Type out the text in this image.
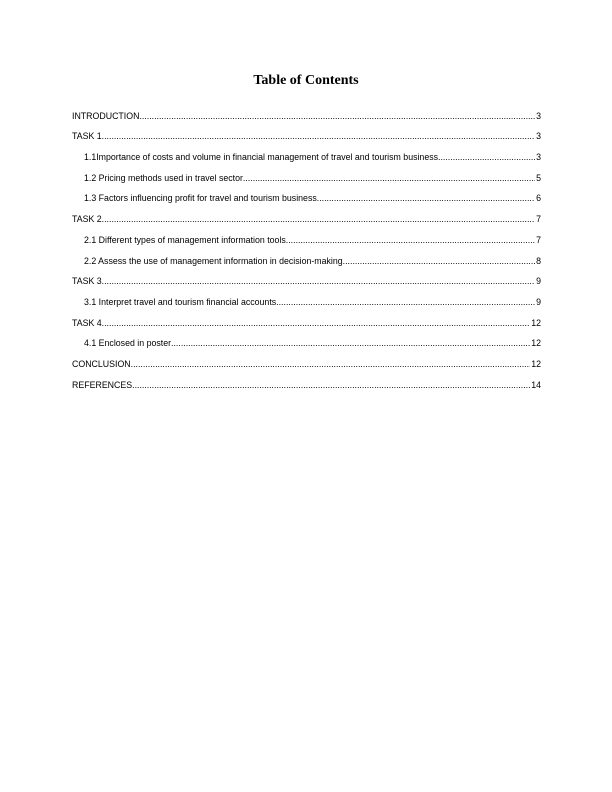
Table of Contents
INTRODUCTION .....	3
TASK 1 .....	3
1.1Importance of costs and volume in financial management of travel and tourism business .....	3
1.2 Pricing methods used in travel sector .....	5
1.3 Factors influencing profit for travel and tourism business .....	6
TASK 2 .....	7
2.1 Different types of management information tools .....	7
2.2 Assess the use of management information in decision-making .....	8
TASK 3 .....	9
3.1 Interpret travel and tourism financial accounts .....	9
TASK 4 .....	12
4.1 Enclosed in poster .....	12
CONCLUSION .....	12
REFERENCES .....	14
